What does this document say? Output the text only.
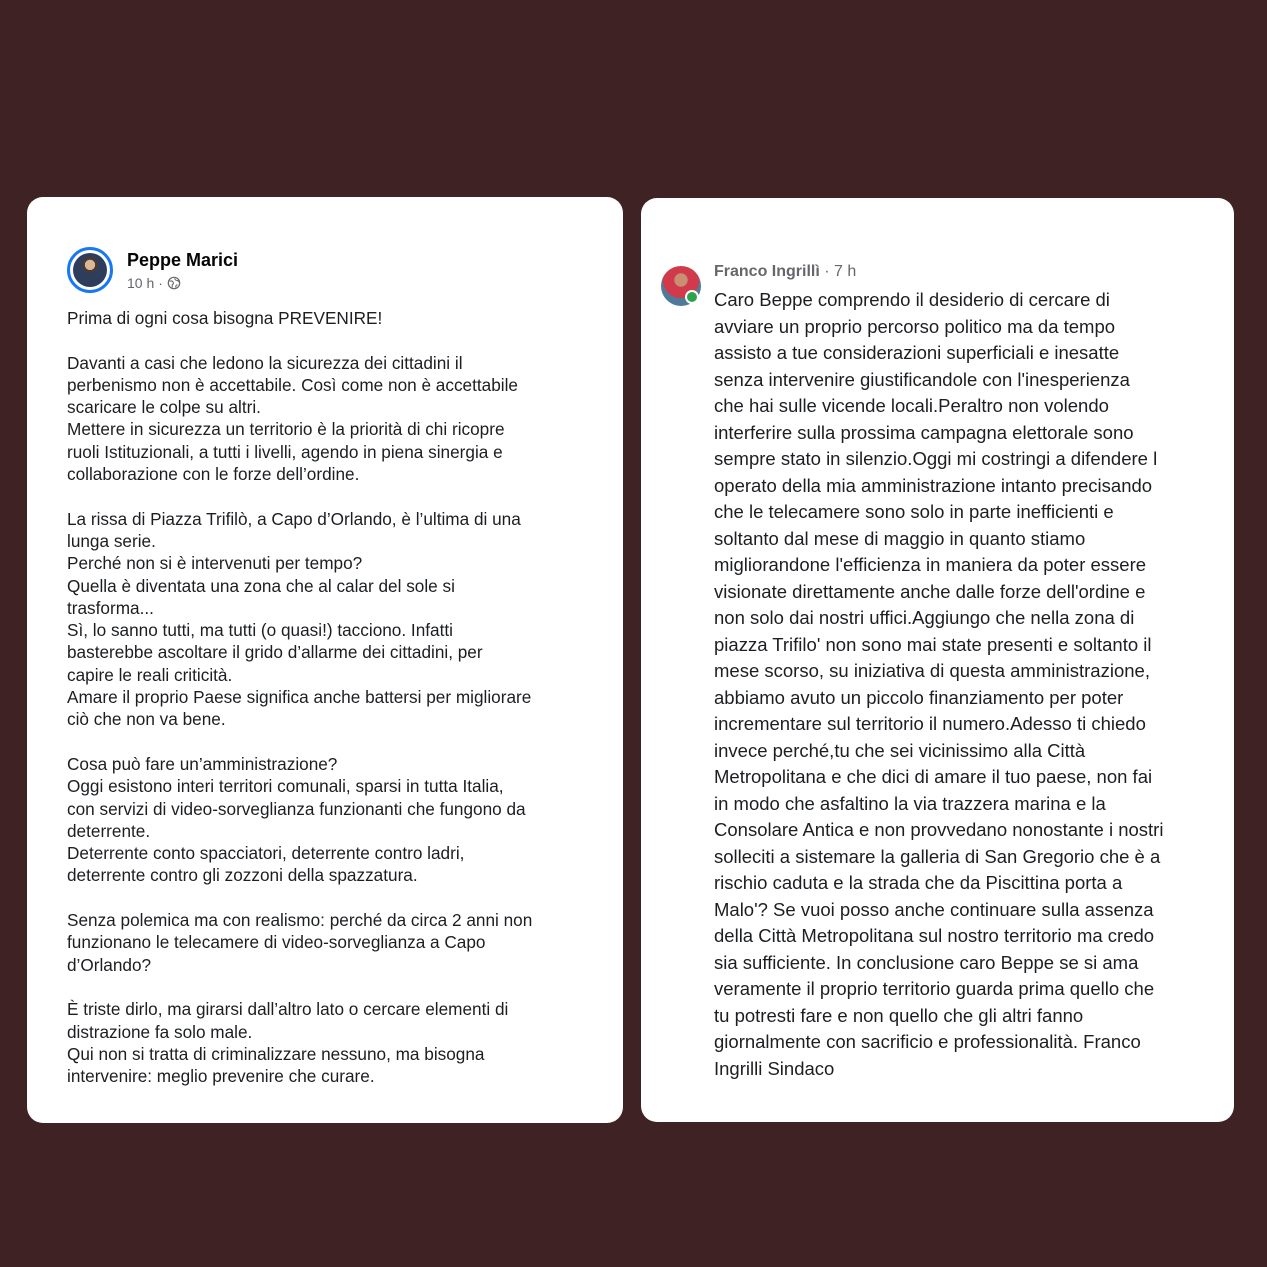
Peppe Marici
10 h ·
Prima di ogni cosa bisogna PREVENIRE!
Davanti a casi che ledono la sicurezza dei cittadini il
perbenismo non è accettabile. Così come non è accettabile
scaricare le colpe su altri.
Mettere in sicurezza un territorio è la priorità di chi ricopre
ruoli Istituzionali, a tutti i livelli, agendo in piena sinergia e
collaborazione con le forze dell’ordine.
La rissa di Piazza Trifilò, a Capo d’Orlando, è l’ultima di una
lunga serie.
Perché non si è intervenuti per tempo?
Quella è diventata una zona che al calar del sole si
trasforma...
Sì, lo sanno tutti, ma tutti (o quasi!) tacciono. Infatti
basterebbe ascoltare il grido d’allarme dei cittadini, per
capire le reali criticità.
Amare il proprio Paese significa anche battersi per migliorare
ciò che non va bene.
Cosa può fare un’amministrazione?
Oggi esistono interi territori comunali, sparsi in tutta Italia,
con servizi di video-sorveglianza funzionanti che fungono da
deterrente.
Deterrente conto spacciatori, deterrente contro ladri,
deterrente contro gli zozzoni della spazzatura.
Senza polemica ma con realismo: perché da circa 2 anni non
funzionano le telecamere di video-sorveglianza a Capo
d’Orlando?
È triste dirlo, ma girarsi dall’altro lato o cercare elementi di
distrazione fa solo male.
Qui non si tratta di criminalizzare nessuno, ma bisogna
intervenire: meglio prevenire che curare.
Franco Ingrillì · 7 h
Caro Beppe comprendo il desiderio di cercare di
avviare un proprio percorso politico ma da tempo
assisto a tue considerazioni superficiali e inesatte
senza intervenire giustificandole con l'inesperienza
che hai sulle vicende locali.Peraltro non volendo
interferire sulla prossima campagna elettorale sono
sempre stato in silenzio.Oggi mi costringi a difendere l
operato della mia amministrazione intanto precisando
che le telecamere sono solo in parte inefficienti e
soltanto dal mese di maggio in quanto stiamo
migliorandone l'efficienza in maniera da poter essere
visionate direttamente anche dalle forze dell'ordine e
non solo dai nostri uffici.Aggiungo che nella zona di
piazza Trifilo' non sono mai state presenti e soltanto il
mese scorso, su iniziativa di questa amministrazione,
abbiamo avuto un piccolo finanziamento per poter
incrementare sul territorio il numero.Adesso ti chiedo
invece perché,tu che sei vicinissimo alla Città
Metropolitana e che dici di amare il tuo paese, non fai
in modo che asfaltino la via trazzera marina e la
Consolare Antica e non provvedano nonostante i nostri
solleciti a sistemare la galleria di San Gregorio che è a
rischio caduta e la strada che da Piscittina porta a
Malo'? Se vuoi posso anche continuare sulla assenza
della Città Metropolitana sul nostro territorio ma credo
sia sufficiente. In conclusione caro Beppe se si ama
veramente il proprio territorio guarda prima quello che
tu potresti fare e non quello che gli altri fanno
giornalmente con sacrificio e professionalità. Franco
Ingrilli Sindaco
